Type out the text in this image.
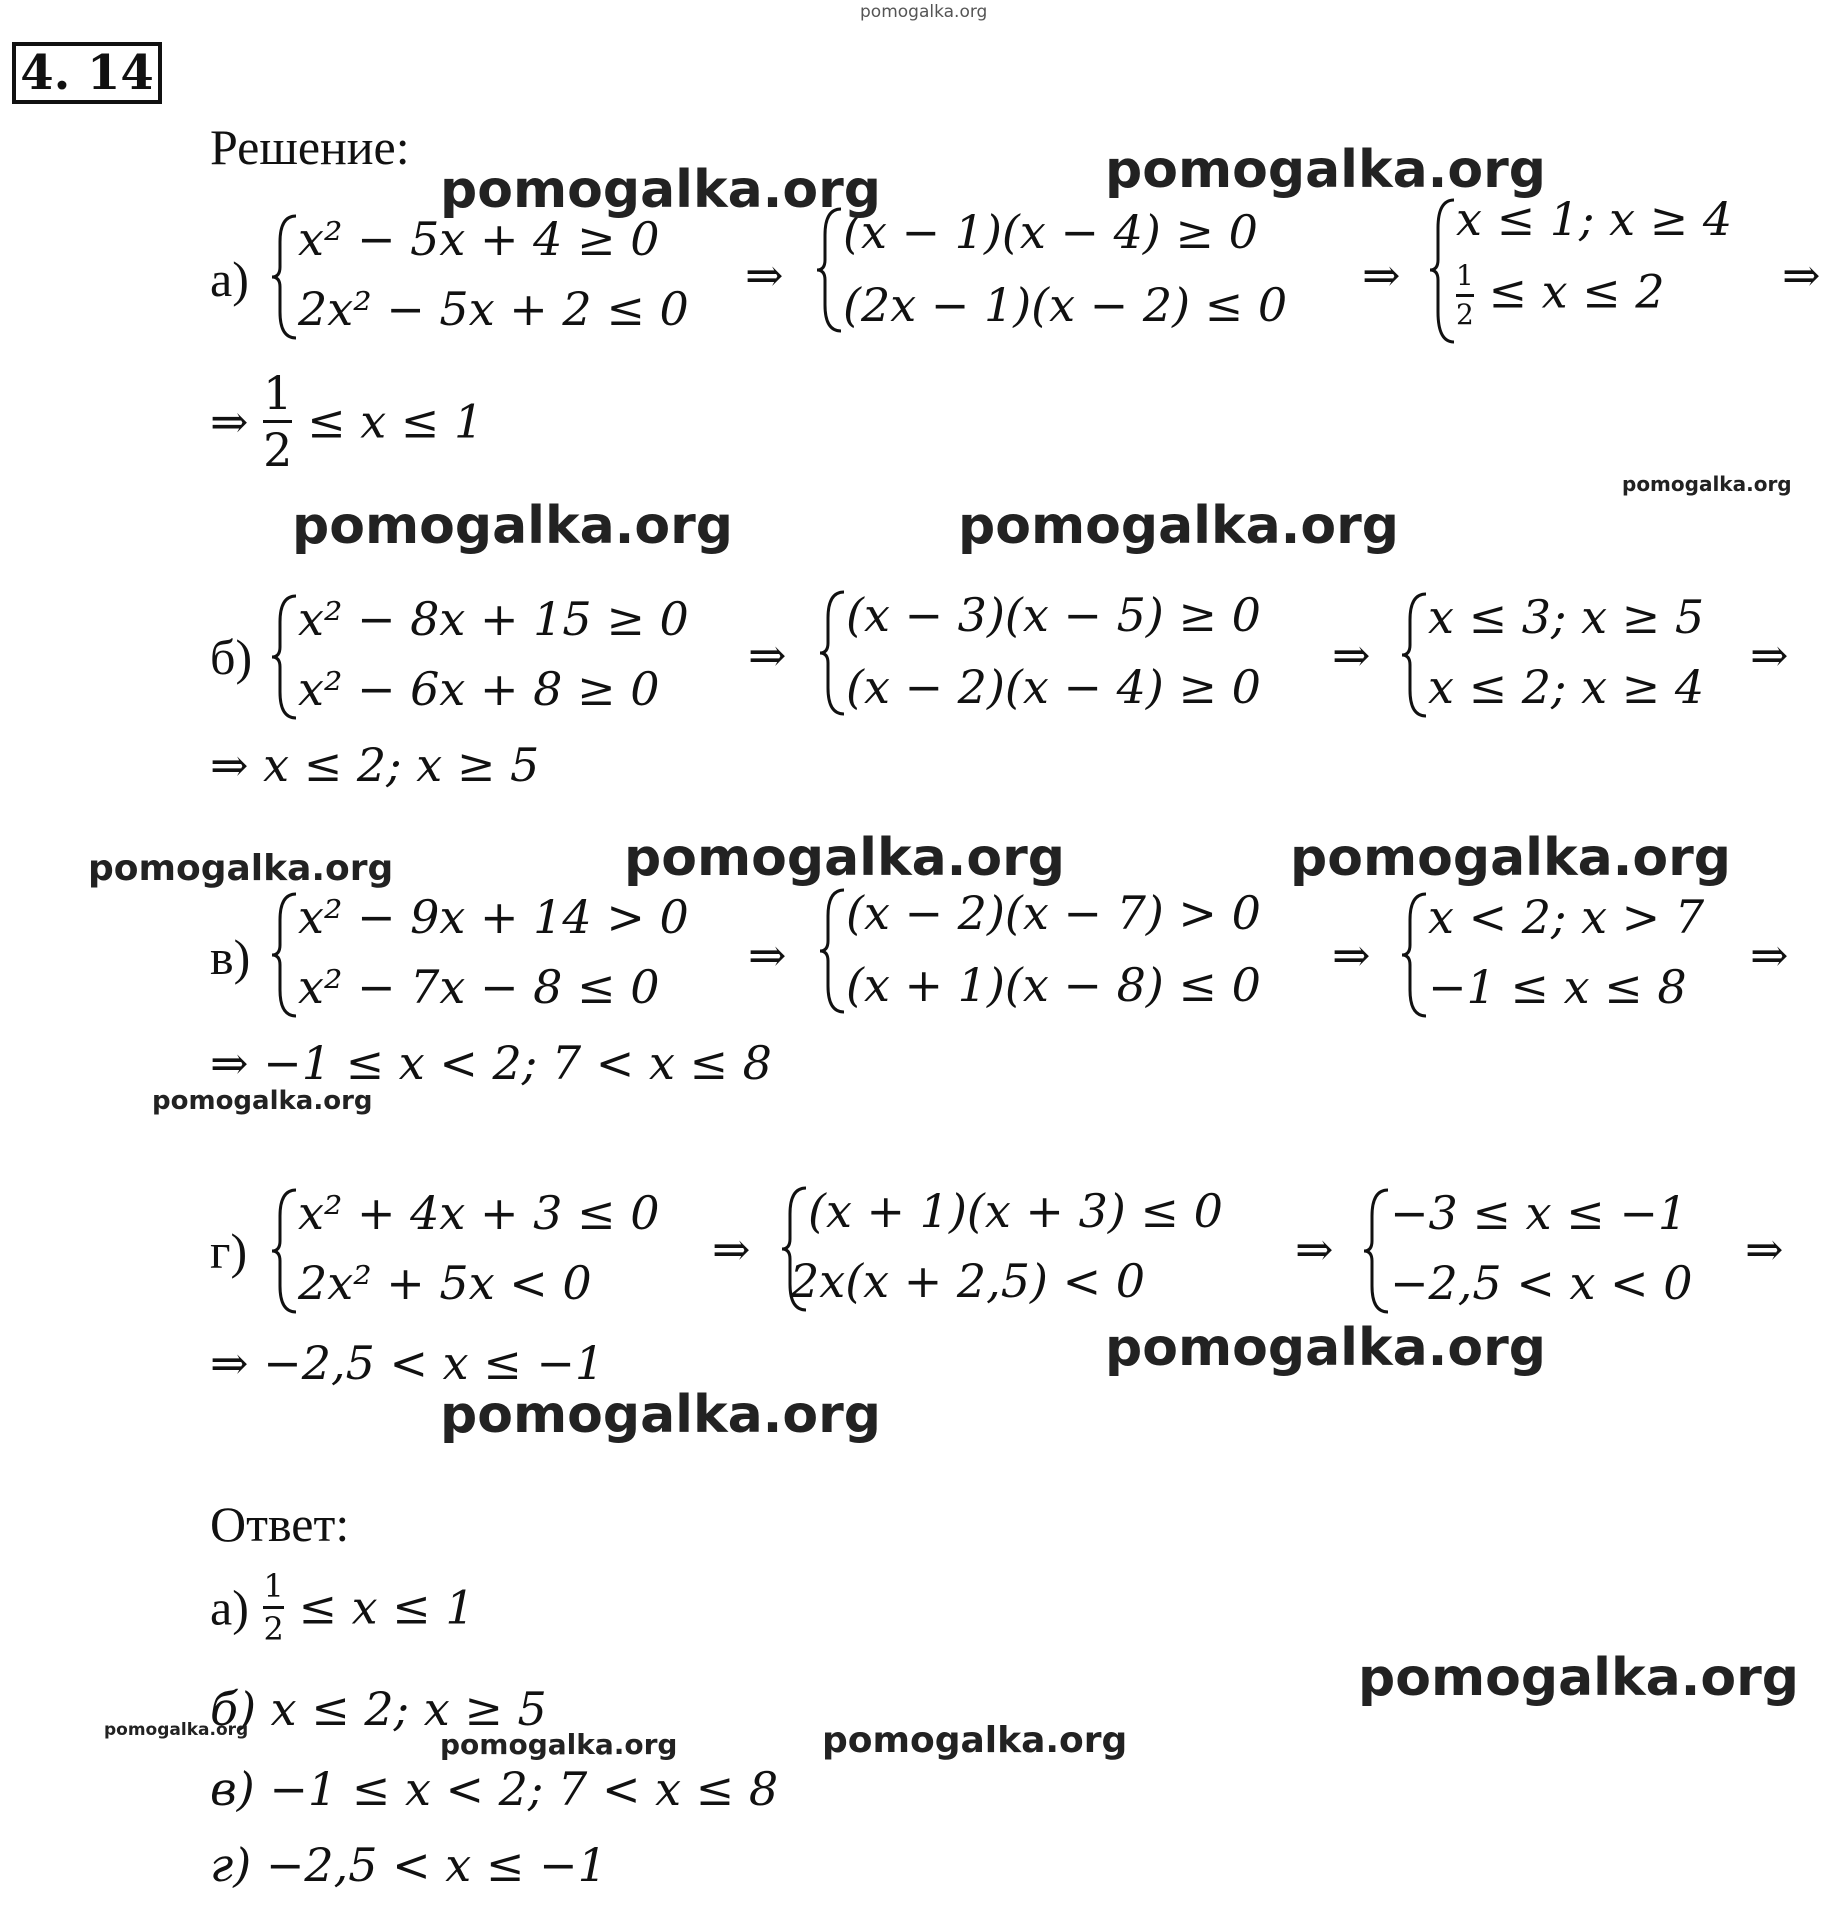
pomogalka.org
4. 14
Решение:
а)
x² − 5x + 4 ≥ 0
2x² − 5x + 2 ≤ 0
⇒
(x − 1)(x − 4) ≥ 0
(2x − 1)(x − 2) ≤ 0
⇒
x ≤ 1; x ≥ 4
$\frac{1}{2} \le x \le 2$	⇒
⇒ $\frac{1}{2} \le x \le 1$
б)
x² − 8x + 15 ≥ 0
x² − 6x + 8 ≥ 0
⇒
(x − 3)(x − 5) ≥ 0
(x − 2)(x − 4) ≥ 0
⇒
x ≤ 3; x ≥ 5
x ≤ 2; x ≥ 4
⇒
⇒ x ≤ 2; x ≥ 5
в)
x² − 9x + 14 > 0
x² − 7x − 8 ≤ 0
⇒
(x − 2)(x − 7) > 0
(x + 1)(x − 8) ≤ 0
⇒
x < 2; x > 7
−1 ≤ x ≤ 8
⇒
⇒ −1 ≤ x < 2; 7 < x ≤ 8
г)
x² + 4x + 3 ≤ 0
2x² + 5x < 0
⇒
(x + 1)(x + 3) ≤ 0
2x(x + 2,5) < 0
⇒
−3 ≤ x ≤ −1
−2,5 < x < 0
⇒
⇒ −2,5 < x ≤ −1
Ответ:
$а) \frac{1}{2} \le x \le 1$
б) x ≤ 2; x ≥ 5
в) −1 ≤ x < 2; 7 < x ≤ 8
г) −2,5 < x ≤ −1
pomogalka.org	pomogalka.org
pomogalka.org
pomogalka.org	pomogalka.org
pomogalka.org	pomogalka.org	pomogalka.org
pomogalka.org
pomogalka.org
pomogalka.org
pomogalka.org
pomogalka.org	pomogalka.org	pomogalka.org
